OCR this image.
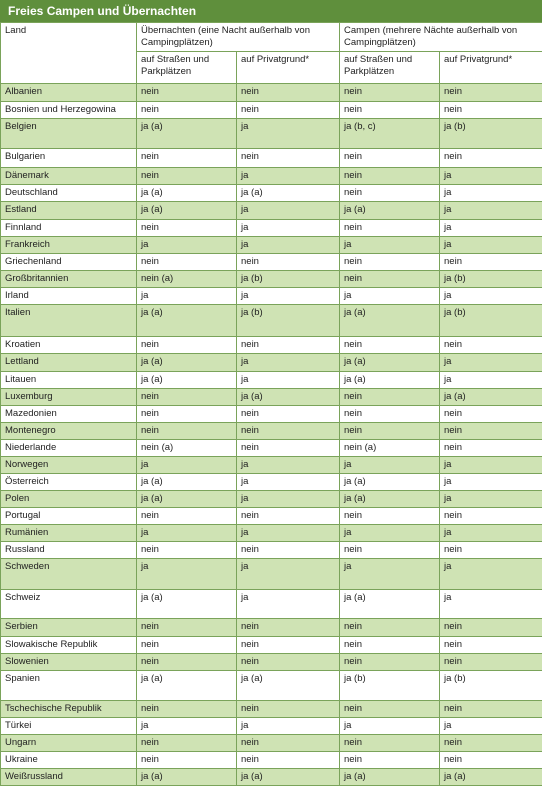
Freies Campen und Übernachten
Land	Übernachten (eine Nacht außerhalb von Campingplätzen)		Campen (mehrere Nächte außerhalb von Campingplätzen)	
	auf Straßen und Parkplätzen	auf Privatgrund*	auf Straßen und Parkplätzen	auf Privatgrund*
Albanien	nein	nein	nein	nein
Bosnien und Herzegowina	nein	nein	nein	nein
Belgien	ja (a)	ja	ja (b, c)	ja (b)
Bulgarien	nein	nein	nein	nein
Dänemark	nein	ja	nein	ja
Deutschland	ja (a)	ja (a)	nein	ja
Estland	ja (a)	ja	ja (a)	ja
Finnland	nein	ja	nein	ja
Frankreich	ja	ja	ja	ja
Griechenland	nein	nein	nein	nein
Großbritannien	nein (a)	ja (b)	nein	ja (b)
Irland	ja	ja	ja	ja
Italien	ja (a)	ja (b)	ja (a)	ja (b)
Kroatien	nein	nein	nein	nein
Lettland	ja (a)	ja	ja (a)	ja
Litauen	ja (a)	ja	ja (a)	ja
Luxemburg	nein	ja (a)	nein	ja (a)
Mazedonien	nein	nein	nein	nein
Montenegro	nein	nein	nein	nein
Niederlande	nein (a)	nein	nein (a)	nein
Norwegen	ja	ja	ja	ja
Österreich	ja (a)	ja	ja (a)	ja
Polen	ja (a)	ja	ja (a)	ja
Portugal	nein	nein	nein	nein
Rumänien	ja	ja	ja	ja
Russland	nein	nein	nein	nein
Schweden	ja	ja	ja	ja
Schweiz	ja (a)	ja	ja (a)	ja
Serbien	nein	nein	nein	nein
Slowakische Republik	nein	nein	nein	nein
Slowenien	nein	nein	nein	nein
Spanien	ja (a)	ja (a)	ja (b)	ja (b)
Tschechische Republik	nein	nein	nein	nein
Türkei	ja	ja	ja	ja
Ungarn	nein	nein	nein	nein
Ukraine	nein	nein	nein	nein
Weißrussland	ja (a)	ja (a)	ja (a)	ja (a)
